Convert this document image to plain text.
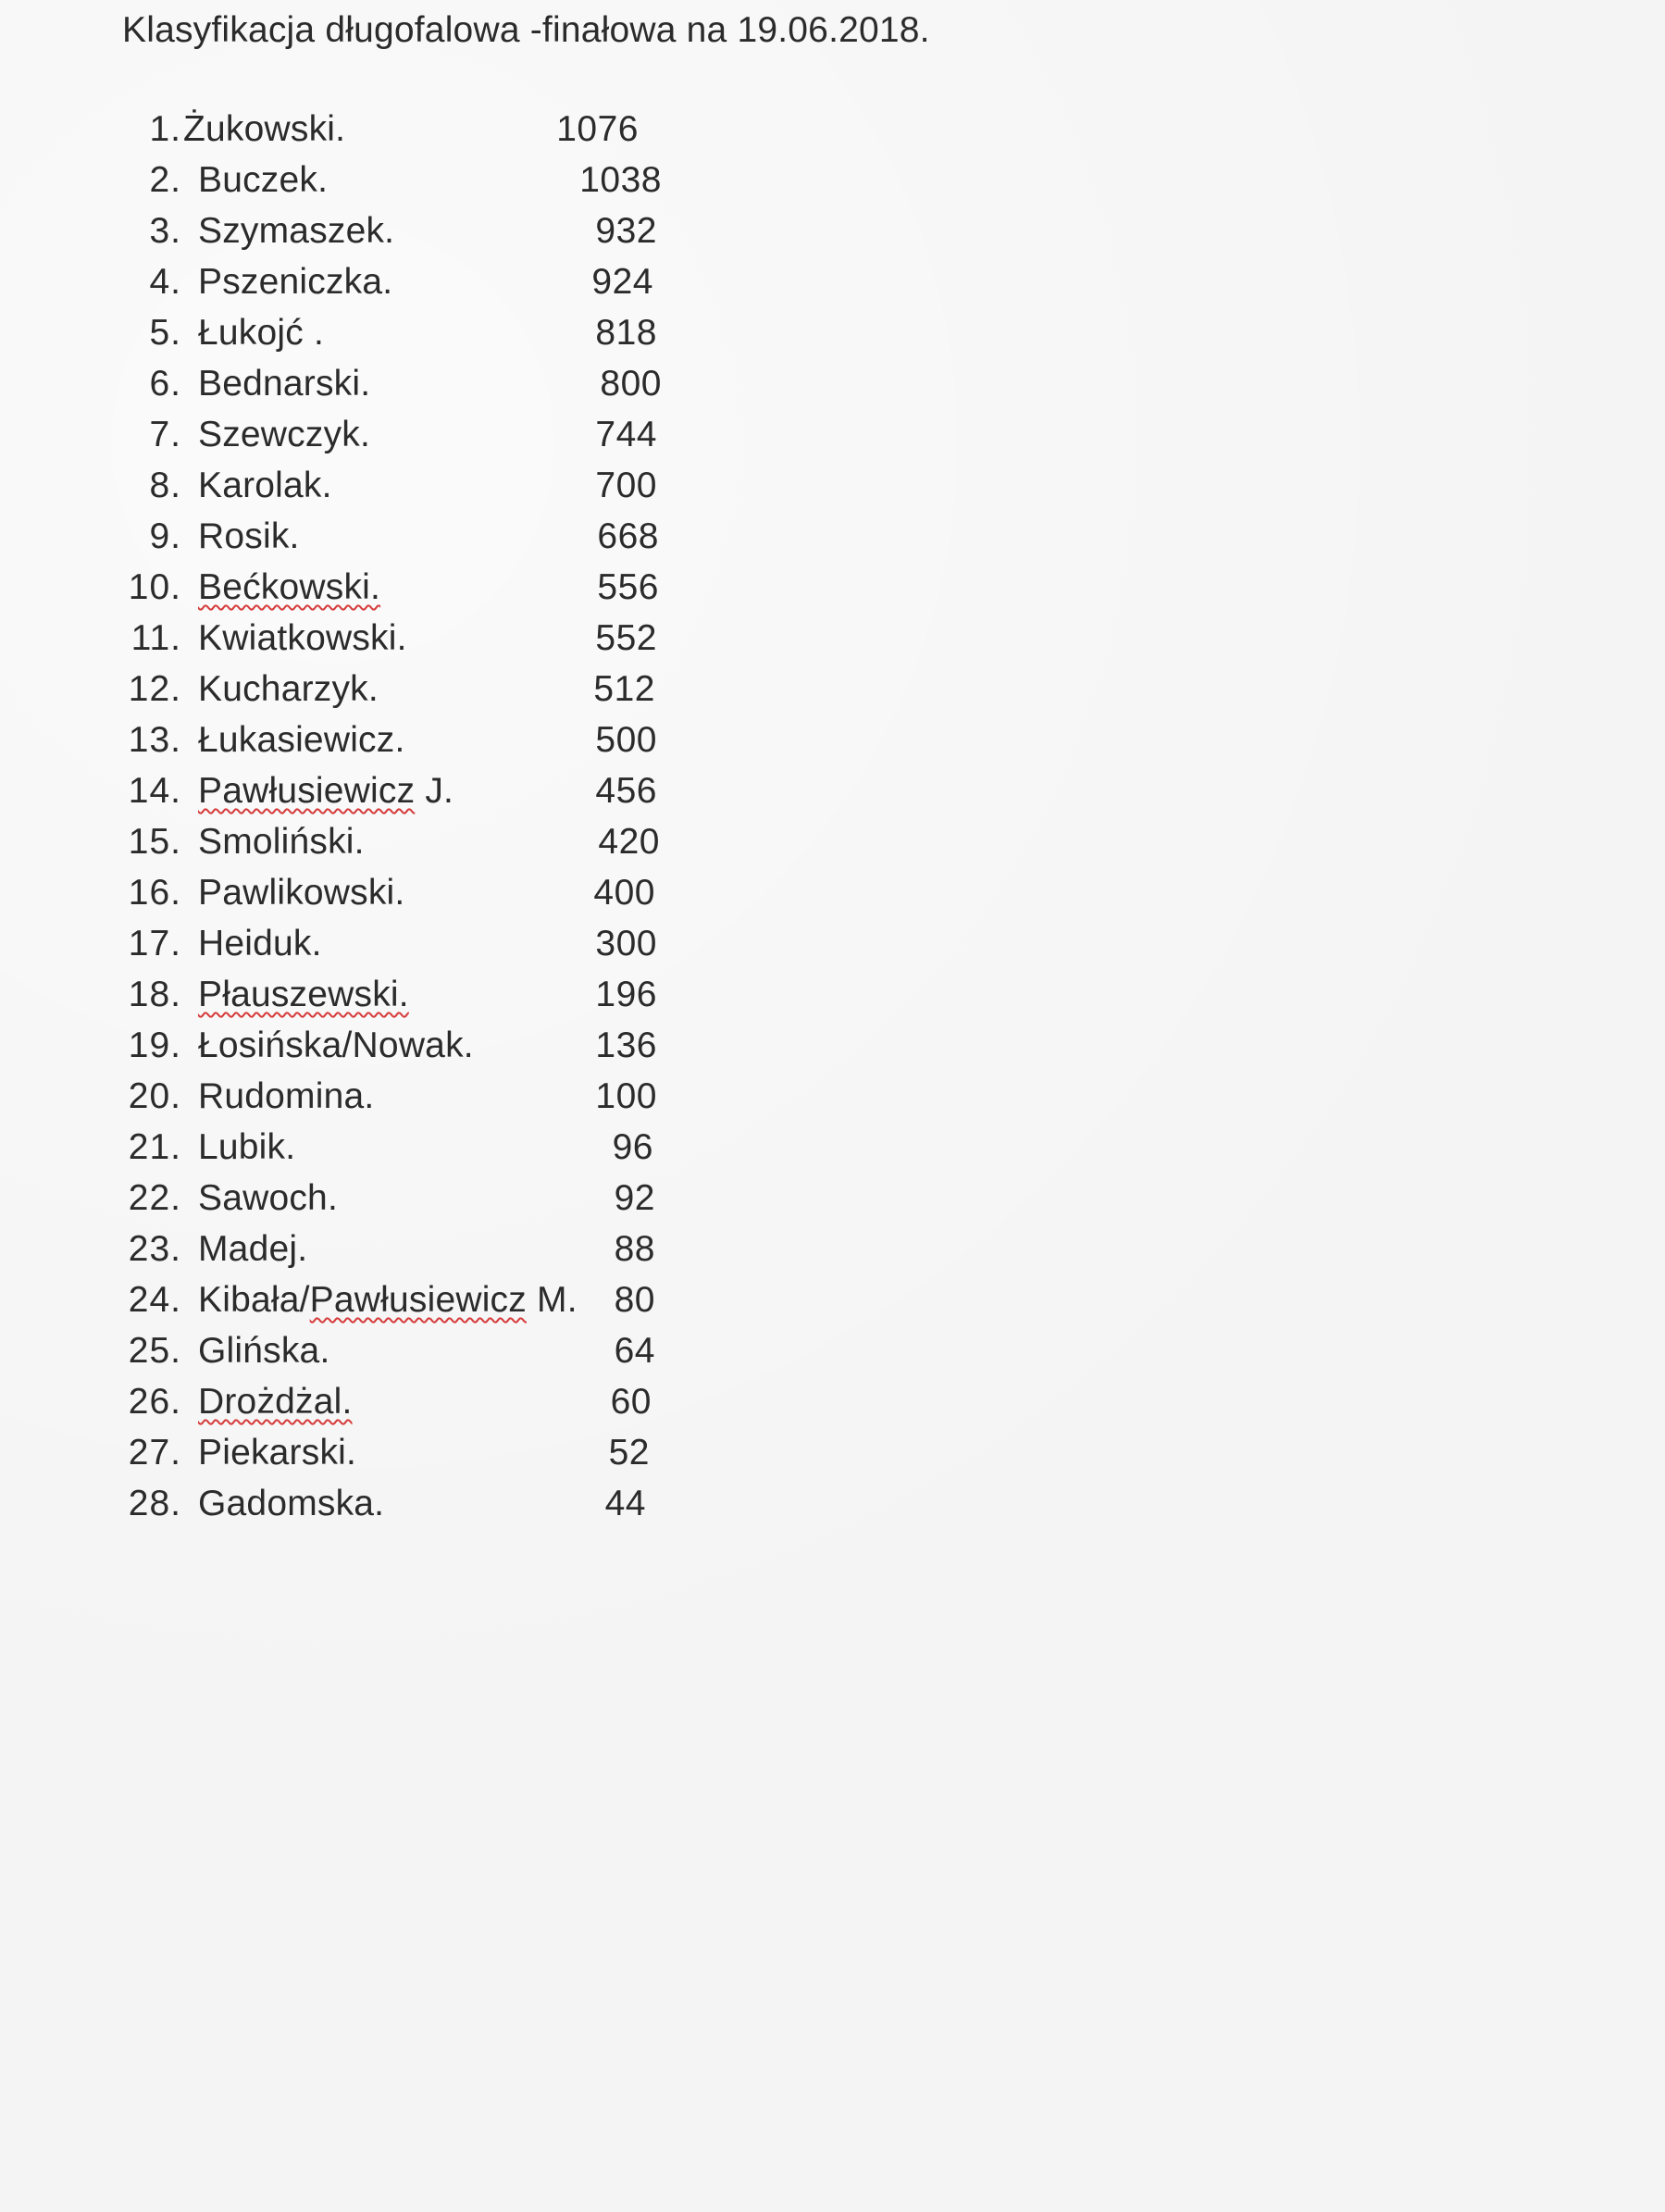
Klasyfikacja długofalowa -finałowa na 19.06.2018.
1. Żukowski.	1076
2. Buczek.	1038
3. Szymaszek.	932
4. Pszeniczka.	924
5. Łukojć .	818
6. Bednarski.	800
7. Szewczyk.	744
8. Karolak.	700
9. Rosik.	668
10. Bećkowski.	556
11. Kwiatkowski.	552
12. Kucharzyk.	512
13. Łukasiewicz.	500
14. Pawłusiewicz J.	456
15. Smoliński.	420
16. Pawlikowski.	400
17. Heiduk.	300
18. Płauszewski.	196
19. Łosińska/Nowak.	136
20. Rudomina.	100
21. Lubik.	96
22. Sawoch.	92
23. Madej.	88
24. Kibała/Pawłusiewicz M.	80
25. Glińska.	64
26. Drożdżal.	60
27. Piekarski.	52
28. Gadomska.	44
